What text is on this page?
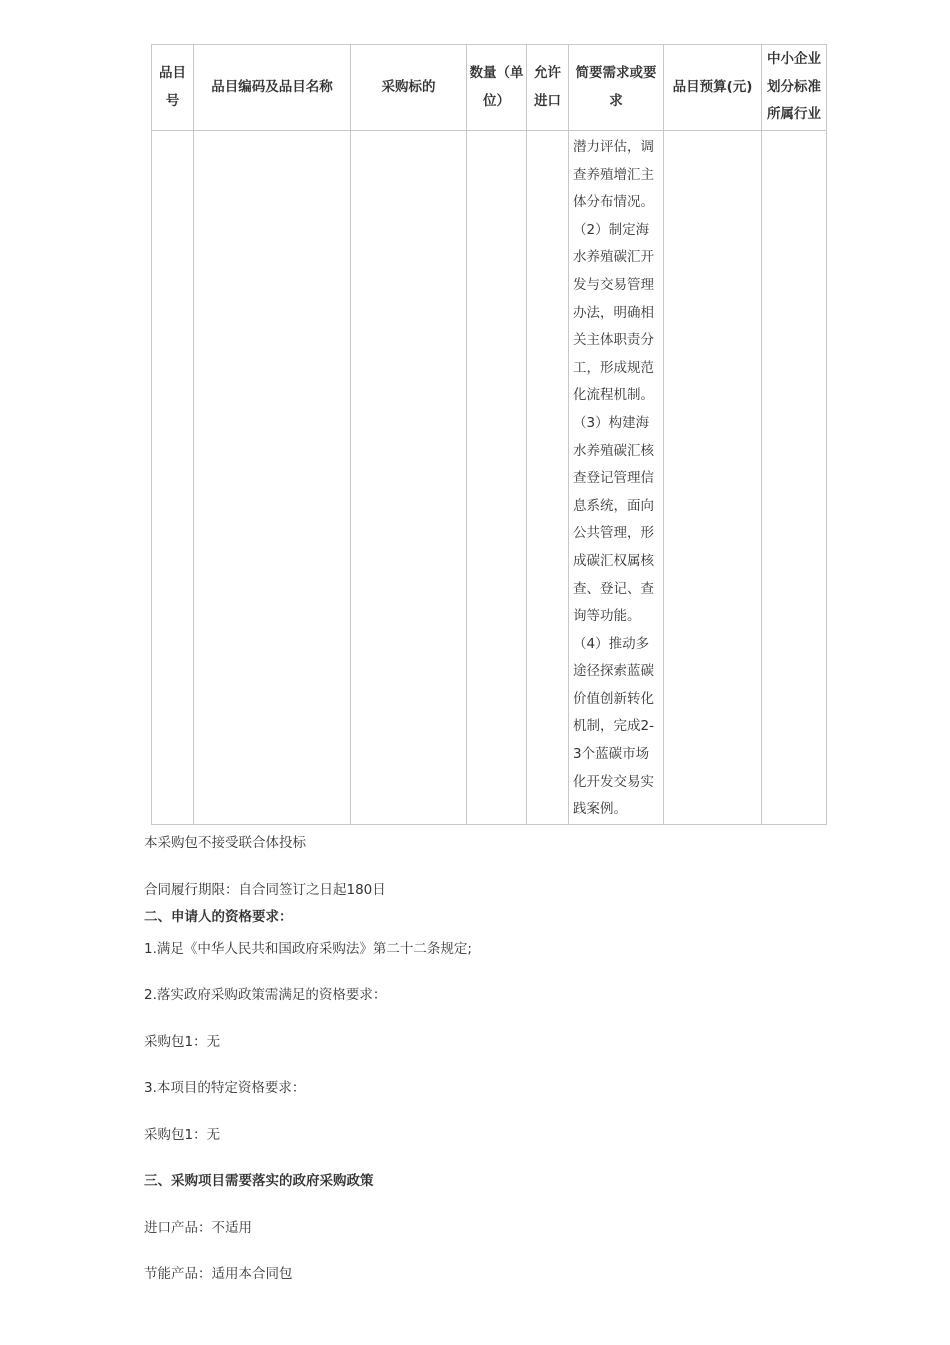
品目号	品目编码及品目名称	采购标的	数量（单位）	允许进口	简要需求或要求	品目预算(元)	中小企业划分标准所属行业

					潜力评估，调查养殖增汇主体分布情况。

（2）制定海水养殖碳汇开发与交易管理办法，明确相关主体职责分工，形成规范化流程机制。

（3）构建海水养殖碳汇核查登记管理信息系统，面向公共管理，形成碳汇权属核查、登记、查询等功能。

（4）推动多途径探索蓝碳价值创新转化机制，完成2-3个蓝碳市场化开发交易实践案例。		

本采购包不接受联合体投标

合同履行期限：自合同签订之日起180日

二、申请人的资格要求：

1.满足《中华人民共和国政府采购法》第二十二条规定;

2.落实政府采购政策需满足的资格要求：

采购包1：无

3.本项目的特定资格要求：

采购包1：无

三、采购项目需要落实的政府采购政策

进口产品：不适用

节能产品：适用本合同包
